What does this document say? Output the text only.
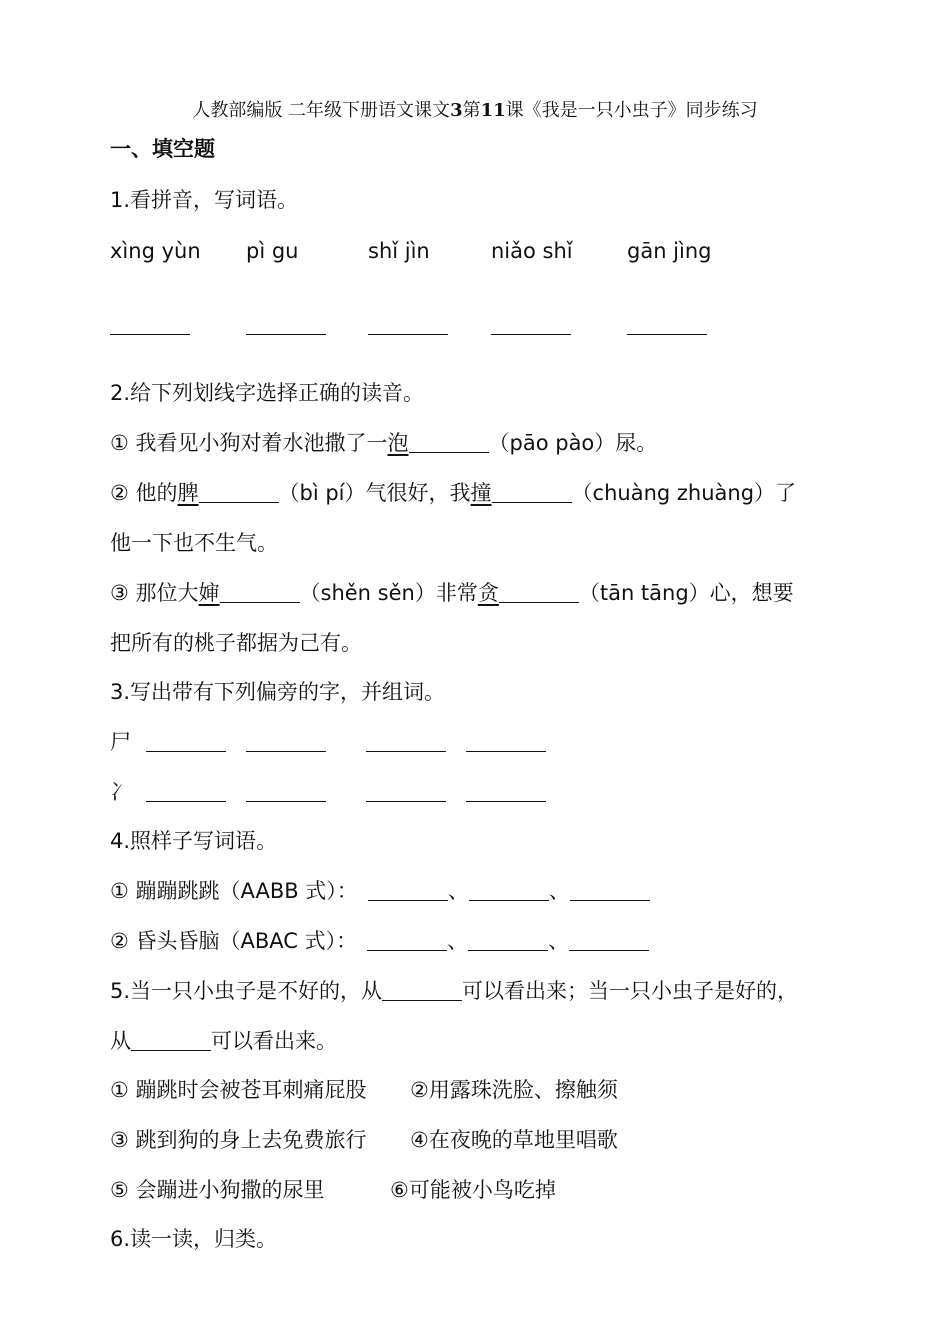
人教部编版 二年级下册语文课文3第11课《我是一只小虫子》同步练习
一、填空题
1.看拼音，写词语。
xìng yùn pì gu	shǐ jìn	niǎo shǐ	gān jìng
2.给下列划线字选择正确的读音。
① 我看见小狗对着水池撒了一泡	（pāo pào）尿。
② 他的脾	（bì pí）气很好，我撞	（chuàng zhuàng）了
他一下也不生气。
③ 那位大婶	（shěn sěn）非常贪	（tān tāng）心，想要
把所有的桃子都据为己有。
3.写出带有下列偏旁的字，并组词。
尸
冫
4.照样子写词语。
① 蹦蹦跳跳（AABB 式）：	、	、
② 昏头昏脑（ABAC 式）：	、	、
5.当一只小虫子是不好的，从	可以看出来；当一只小虫子是好的，
从	可以看出来。
① 蹦跳时会被苍耳刺痛屁股 ②用露珠洗脸、擦触须
③ 跳到狗的身上去免费旅行 ④在夜晚的草地里唱歌
⑤ 会蹦进小狗撒的尿里	⑥可能被小鸟吃掉
6.读一读，归类。
